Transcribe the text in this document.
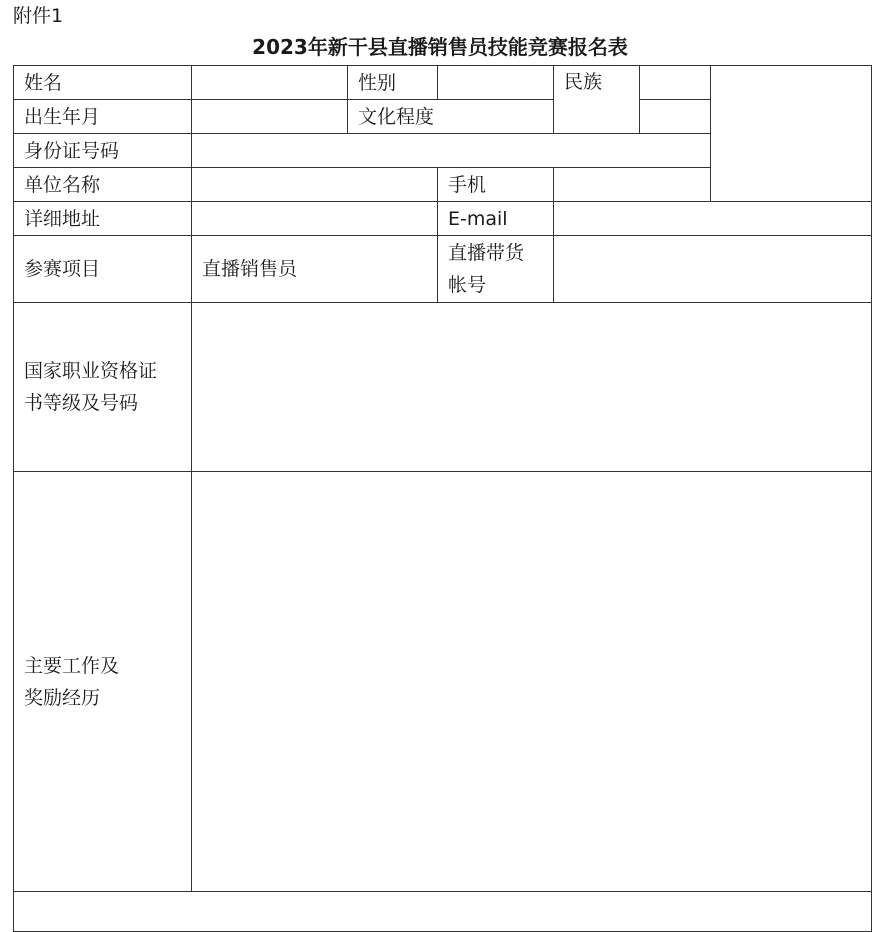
附件1
2023年新干县直播销售员技能竞赛报名表
姓名		性别		民族		
出生年月		文化程度				
身份证号码						
单位名称			手机			
详细地址			E-mail			
参赛项目	直播销售员		直播带货
帐号			

国家职业资格证
书等级及号码						

主要工作及
奖励经历						
